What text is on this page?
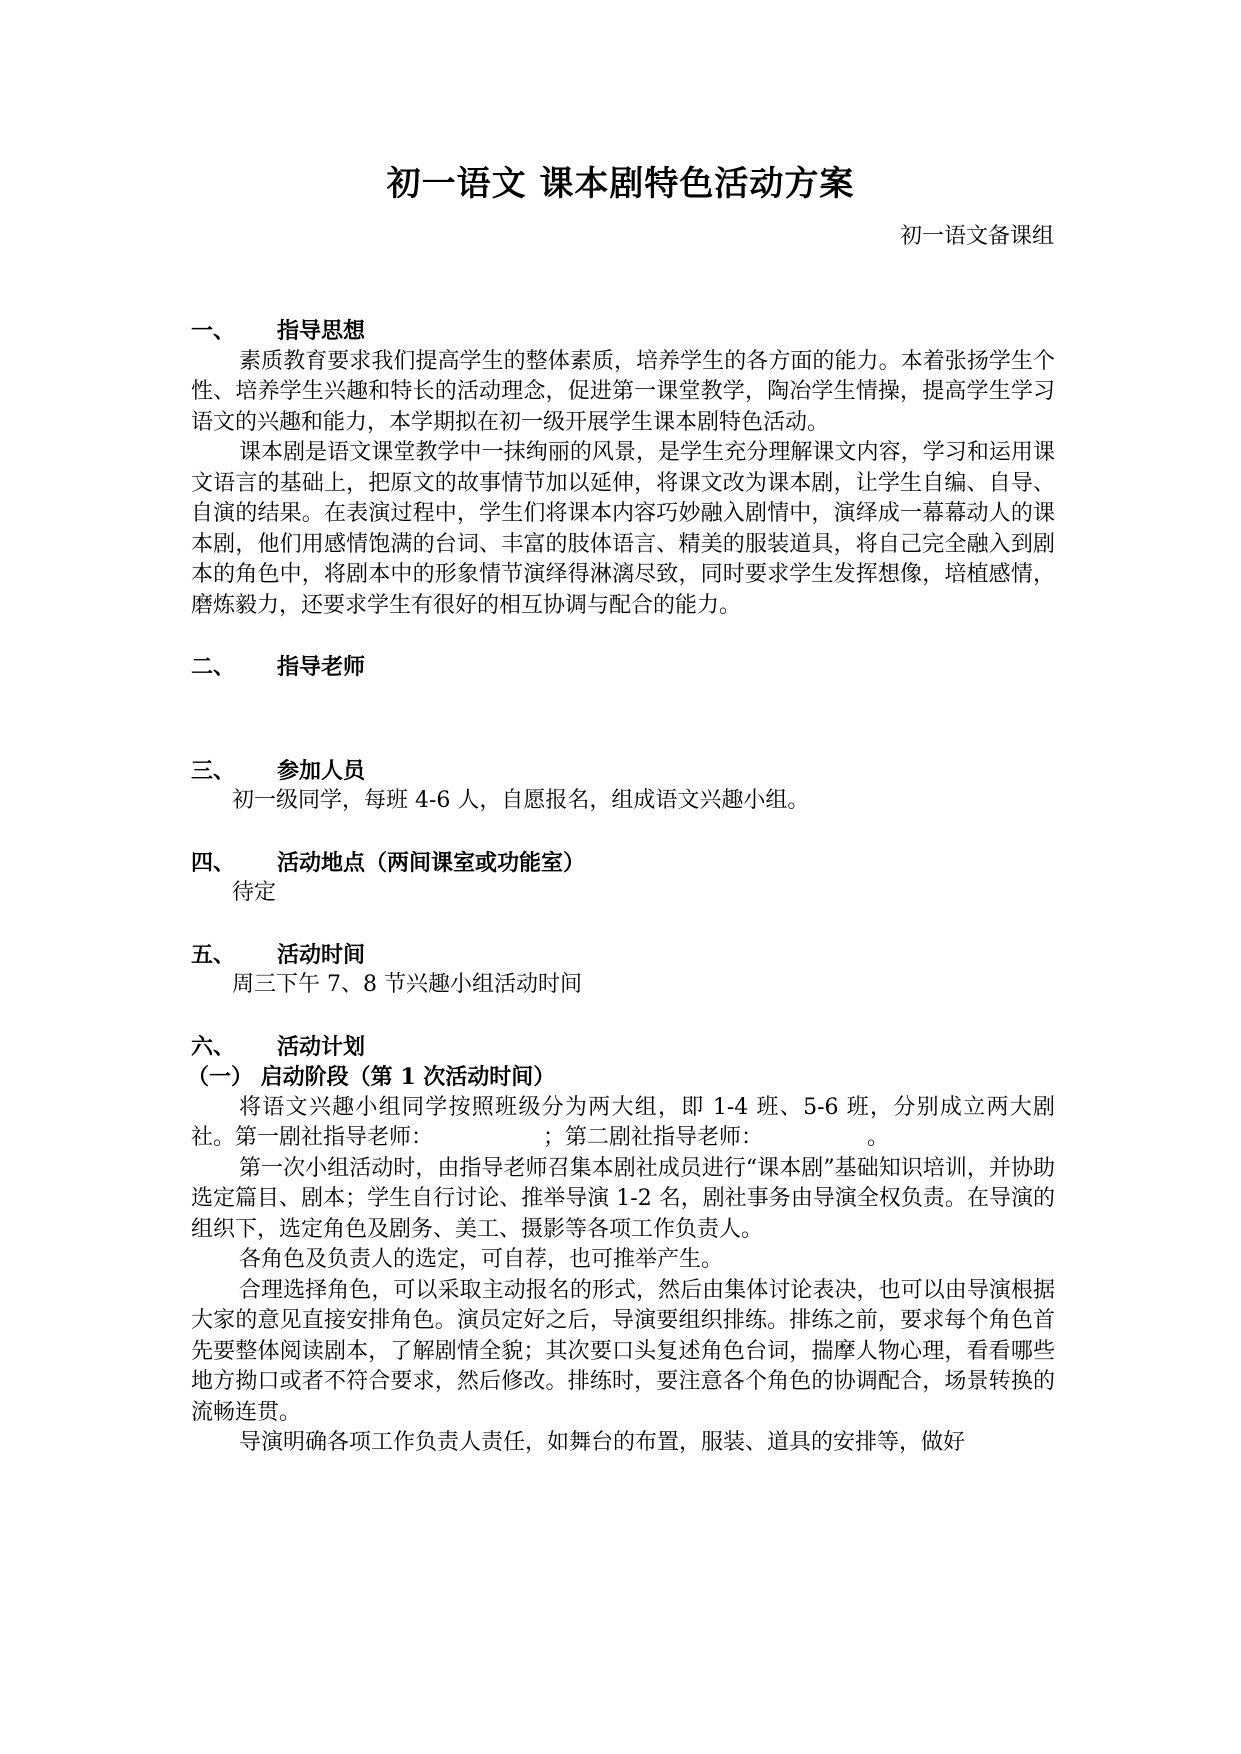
初一语文 课本剧特色活动方案

初一语文备课组

一、	指导思想

素质教育要求我们提高学生的整体素质，培养学生的各方面的能力。本着张扬学生个性、培养学生兴趣和特长的活动理念，促进第一课堂教学，陶冶学生情操，提高学生学习语文的兴趣和能力，本学期拟在初一级开展学生课本剧特色活动。

课本剧是语文课堂教学中一抹绚丽的风景，是学生充分理解课文内容，学习和运用课文语言的基础上，把原文的故事情节加以延伸，将课文改为课本剧，让学生自编、自导、自演的结果。在表演过程中，学生们将课本内容巧妙融入剧情中，演绎成一幕幕动人的课本剧，他们用感情饱满的台词、丰富的肢体语言、精美的服装道具，将自己完全融入到剧本的角色中，将剧本中的形象情节演绎得淋漓尽致，同时要求学生发挥想像，培植感情，磨炼毅力，还要求学生有很好的相互协调与配合的能力。

二、	指导老师

三、	参加人员

初一级同学，每班 4-6 人，自愿报名，组成语文兴趣小组。

四、	活动地点（两间课室或功能室）

待定

五、	活动时间

周三下午 7、8 节兴趣小组活动时间

六、	活动计划

（一） 启动阶段（第 1 次活动时间）

将语文兴趣小组同学按照班级分为两大组，即 1-4 班、5-6 班，分别成立两大剧社。第一剧社指导老师：	；第二剧社指导老师：	。

第一次小组活动时，由指导老师召集本剧社成员进行“课本剧”基础知识培训，并协助选定篇目、剧本；学生自行讨论、推举导演 1-2 名，剧社事务由导演全权负责。在导演的组织下，选定角色及剧务、美工、摄影等各项工作负责人。

各角色及负责人的选定，可自荐，也可推举产生。

合理选择角色，可以采取主动报名的形式，然后由集体讨论表决，也可以由导演根据大家的意见直接安排角色。演员定好之后，导演要组织排练。排练之前，要求每个角色首先要整体阅读剧本，了解剧情全貌；其次要口头复述角色台词，揣摩人物心理，看看哪些地方拗口或者不符合要求，然后修改。排练时，要注意各个角色的协调配合，场景转换的流畅连贯。

导演明确各项工作负责人责任，如舞台的布置，服装、道具的安排等，做好
